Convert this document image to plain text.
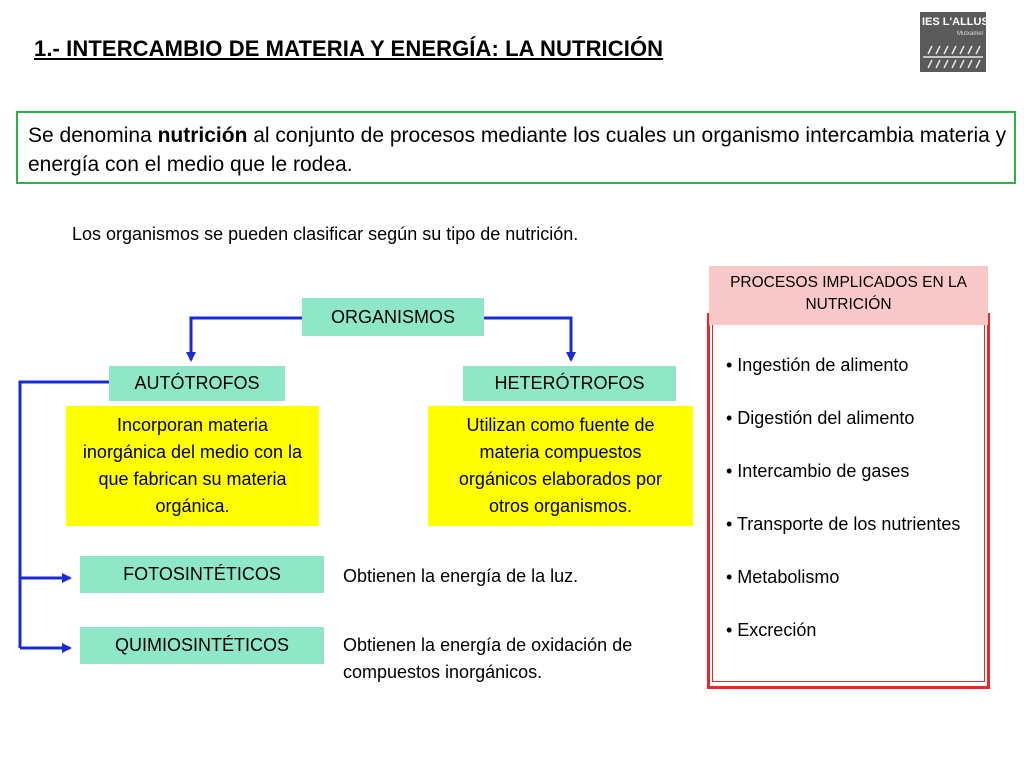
1.- INTERCAMBIO DE MATERIA Y ENERGÍA: LA NUTRICIÓN
IES L'ALLUSSER
Mutxamel
Se denomina nutrición al conjunto de procesos mediante los cuales un organismo intercambia materia y energía con el medio que le rodea.
Los organismos se pueden clasificar según su tipo de nutrición.
ORGANISMOS
AUTÓTROFOS	HETERÓTROFOS
Incorporan materia inorgánica del medio con la que fabrican su materia orgánica.
Utilizan como fuente de materia compuestos orgánicos elaborados por otros organismos.
FOTOSINTÉTICOS	Obtienen la energía de la luz.
QUIMIOSINTÉTICOS	Obtienen la energía de oxidación de compuestos inorgánicos.
PROCESOS IMPLICADOS EN LA NUTRICIÓN
• Ingestión de alimento
• Digestión del alimento
• Intercambio de gases
• Transporte de los nutrientes
• Metabolismo
• Excreción
